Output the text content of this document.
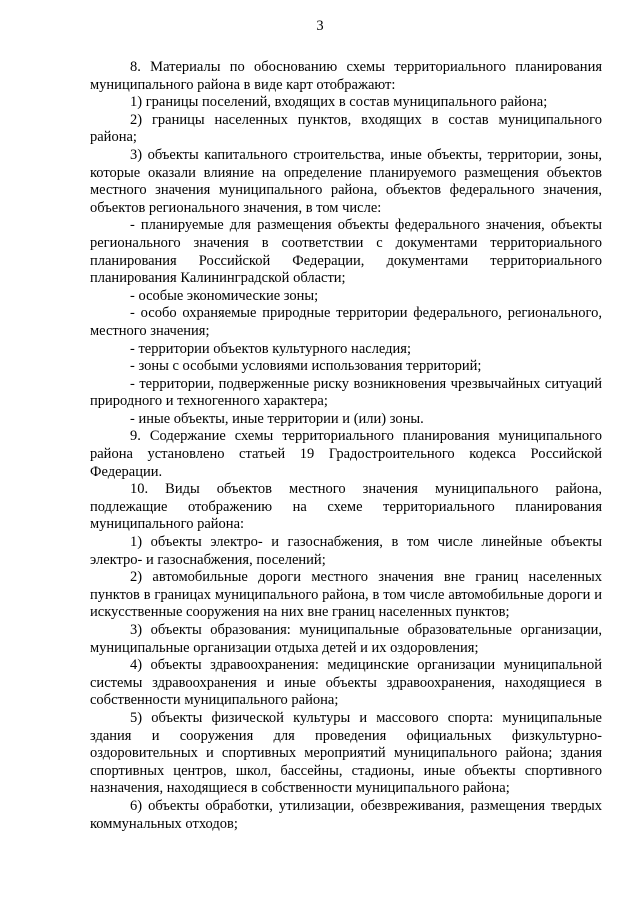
3

8. Материалы по обоснованию схемы территориального планирования муниципального района в виде карт отображают:

1) границы поселений, входящих в состав муниципального района;

2) границы населенных пунктов, входящих в состав муниципального района;

3) объекты капитального строительства, иные объекты, территории, зоны, которые оказали влияние на определение планируемого размещения объектов местного значения муниципального района, объектов федерального значения, объектов регионального значения, в том числе:

- планируемые для размещения объекты федерального значения, объекты регионального значения в соответствии с документами территориального планирования Российской Федерации, документами территориального планирования Калининградской области;

- особые экономические зоны;

- особо охраняемые природные территории федерального, регионального, местного значения;

- территории объектов культурного наследия;

- зоны с особыми условиями использования территорий;

- территории, подверженные риску возникновения чрезвычайных ситуаций природного и техногенного характера;

- иные объекты, иные территории и (или) зоны.

9. Содержание схемы территориального планирования муниципального района установлено статьей 19 Градостроительного кодекса Российской Федерации.

10. Виды объектов местного значения муниципального района, подлежащие отображению на схеме территориального планирования муниципального района:

1) объекты электро- и газоснабжения, в том числе линейные объекты электро- и газоснабжения, поселений;

2) автомобильные дороги местного значения вне границ населенных пунктов в границах муниципального района, в том числе автомобильные дороги и искусственные сооружения на них вне границ населенных пунктов;

3) объекты образования: муниципальные образовательные организации, муниципальные организации отдыха детей и их оздоровления;

4) объекты здравоохранения: медицинские организации муниципальной системы здравоохранения и иные объекты здравоохранения, находящиеся в собственности муниципального района;

5) объекты физической культуры и массового спорта: муниципальные здания и сооружения для проведения официальных физкультурно-оздоровительных и спортивных мероприятий муниципального района; здания спортивных центров, школ, бассейны, стадионы, иные объекты спортивного назначения, находящиеся в собственности муниципального района;

6) объекты обработки, утилизации, обезвреживания, размещения твердых коммунальных отходов;
